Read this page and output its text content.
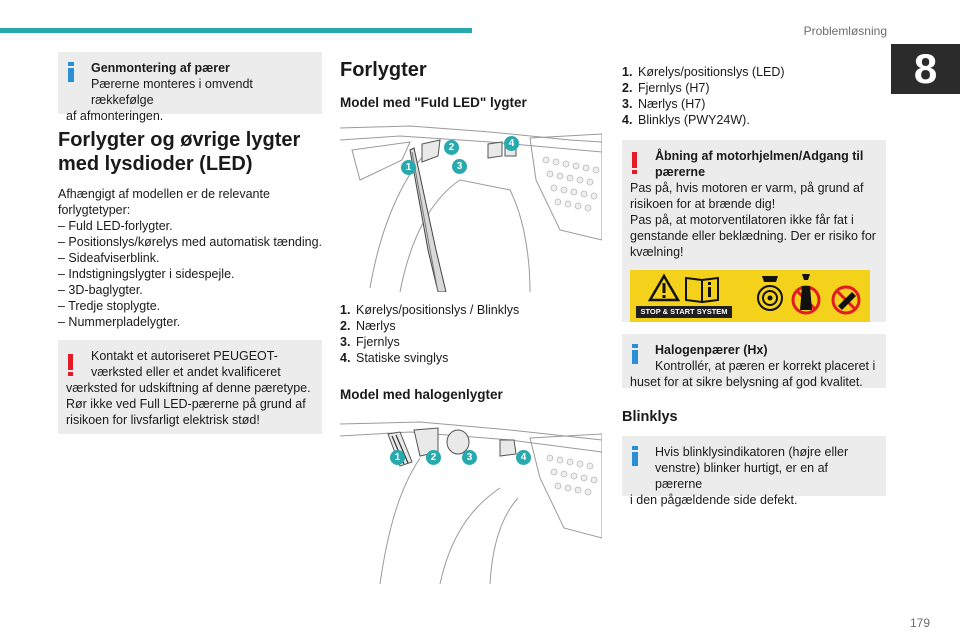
Problemløsning
8

Genmontering af pærer

Pærerne monteres i omvendt rækkefølge

af afmonteringen.

Forlygter og øvrige lygter
med lysdioder (LED)
Afhængigt af modellen er de relevante
forlygtetyper:
– Fuld LED-forlygter.
– Positionslys/kørelys med automatisk tænding.
– Sideafviserblink.
– Indstigningslygter i sidespejle.
– 3D-baglygter.
– Tredje stoplygte.
– Nummerpladelygter.

Kontakt et autoriseret PEUGEOT-

værksted eller et andet kvalificeret

værksted for udskiftning af denne pæretype.

Rør ikke ved Full LED-pærerne på grund af

risikoen for livsfarligt elektrisk stød!

Forlygter
Model med "Fuld LED" lygter
1
2
3
4
1. Kørelys/positionslys / Blinklys
2. Nærlys
3. Fjernlys
4. Statiske svinglys
Model med halogenlygter
1	2	3	4
1. Kørelys/positionslys (LED)
2. Fjernlys (H7)
3. Nærlys (H7)
4. Blinklys (PWY24W).

Åbning af motorhjelmen/Adgang til

pærerne

Pas på, hvis motoren er varm, på grund af

risikoen for at brænde dig!

Pas på, at motorventilatoren ikke får fat i

genstande eller beklædning. Der er risiko for

kvælning!

STOP & START SYSTEM

Halogenpærer (Hx)

Kontrollér, at pæren er korrekt placeret i

huset for at sikre belysning af god kvalitet.

Blinklys

Hvis blinklysindikatoren (højre eller

venstre) blinker hurtigt, er en af pærerne

i den pågældende side defekt.

179
